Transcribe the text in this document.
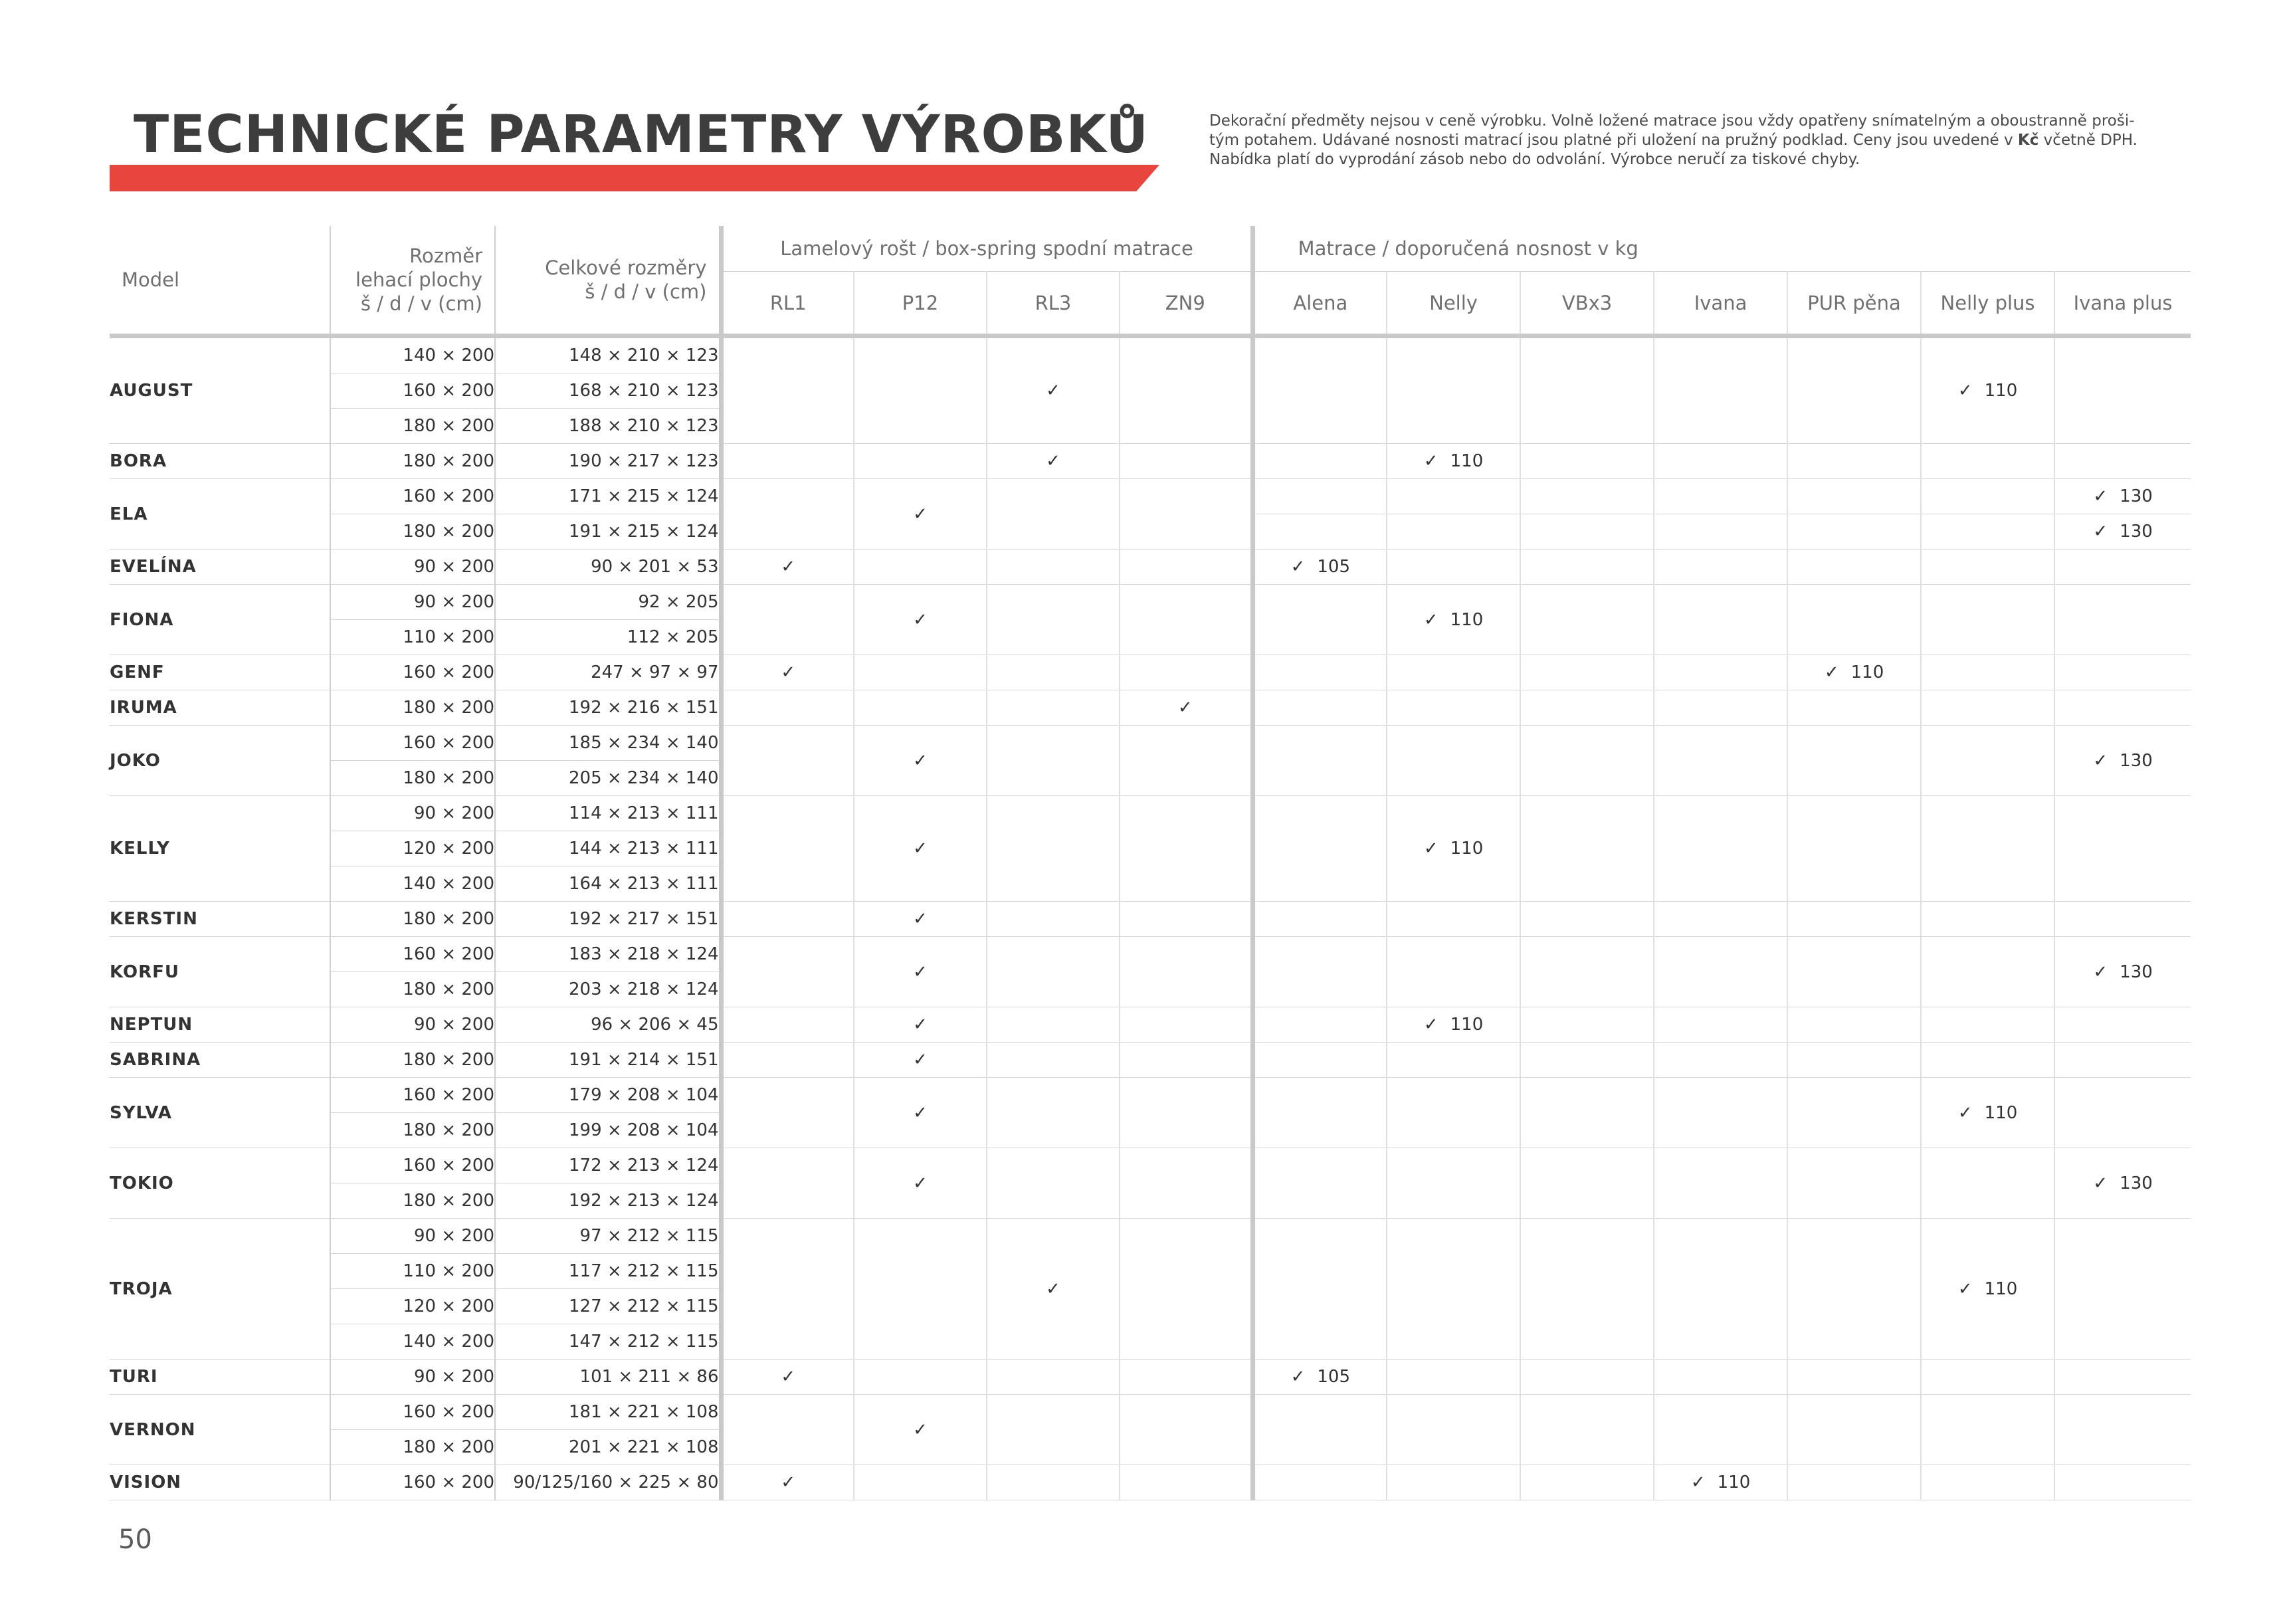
TECHNICKÉ PARAMETRY VÝROBKŮ	Dekorační předměty nejsou v ceně výrobku. Volně ložené matrace jsou vždy opatřeny snímatelným a oboustranně proši-
tým potahem. Udávané nosnosti matrací jsou platné při uložení na pružný podklad. Ceny jsou uvedené v Kč včetně DPH.
Nabídka platí do vyprodání zásob nebo do odvolání. Výrobce neručí za tiskové chyby.

Model	Rozměr
lehací plochy
š / d / v (cm)	Celkové rozměry
š / d / v (cm)	Lamelový rošt / box-spring spodní matrace				Matrace / doporučená nosnost v kg						
			RL1	P12	RL3	ZN9	Alena	Nelly	VBx3	Ivana	PUR pěna	Nelly plus	Ivana plus
AUGUST	140 × 200	148 × 210 × 123			✓							✓ 110	
	160 × 200	168 × 210 × 123											
	180 × 200	188 × 210 × 123											
BORA	180 × 200	190 × 217 × 123			✓			✓ 110					
ELA	160 × 200	171 × 215 × 124		✓									✓ 130
	180 × 200	191 × 215 × 124											✓ 130
EVELÍNA	90 × 200	90 × 201 × 53	✓				✓ 105						
FIONA	90 × 200	92 × 205		✓				✓ 110					
	110 × 200	112 × 205											
GENF	160 × 200	247 × 97 × 97	✓								✓ 110		
IRUMA	180 × 200	192 × 216 × 151				✓							
JOKO	160 × 200	185 × 234 × 140		✓									✓ 130
	180 × 200	205 × 234 × 140											
KELLY	90 × 200	114 × 213 × 111		✓				✓ 110					
	120 × 200	144 × 213 × 111											
	140 × 200	164 × 213 × 111											
KERSTIN	180 × 200	192 × 217 × 151		✓									
KORFU	160 × 200	183 × 218 × 124		✓									✓ 130
	180 × 200	203 × 218 × 124											
NEPTUN	90 × 200	96 × 206 × 45		✓				✓ 110					
SABRINA	180 × 200	191 × 214 × 151		✓									
SYLVA	160 × 200	179 × 208 × 104		✓								✓ 110	
	180 × 200	199 × 208 × 104											
TOKIO	160 × 200	172 × 213 × 124		✓									✓ 130
	180 × 200	192 × 213 × 124											
TROJA	90 × 200	97 × 212 × 115			✓							✓ 110	
	110 × 200	117 × 212 × 115											
	120 × 200	127 × 212 × 115											
	140 × 200	147 × 212 × 115											
TURI	90 × 200	101 × 211 × 86	✓				✓ 105						
VERNON	160 × 200	181 × 221 × 108		✓									
	180 × 200	201 × 221 × 108											
VISION	160 × 200	90/125/160 × 225 × 80	✓							✓ 110			

50
